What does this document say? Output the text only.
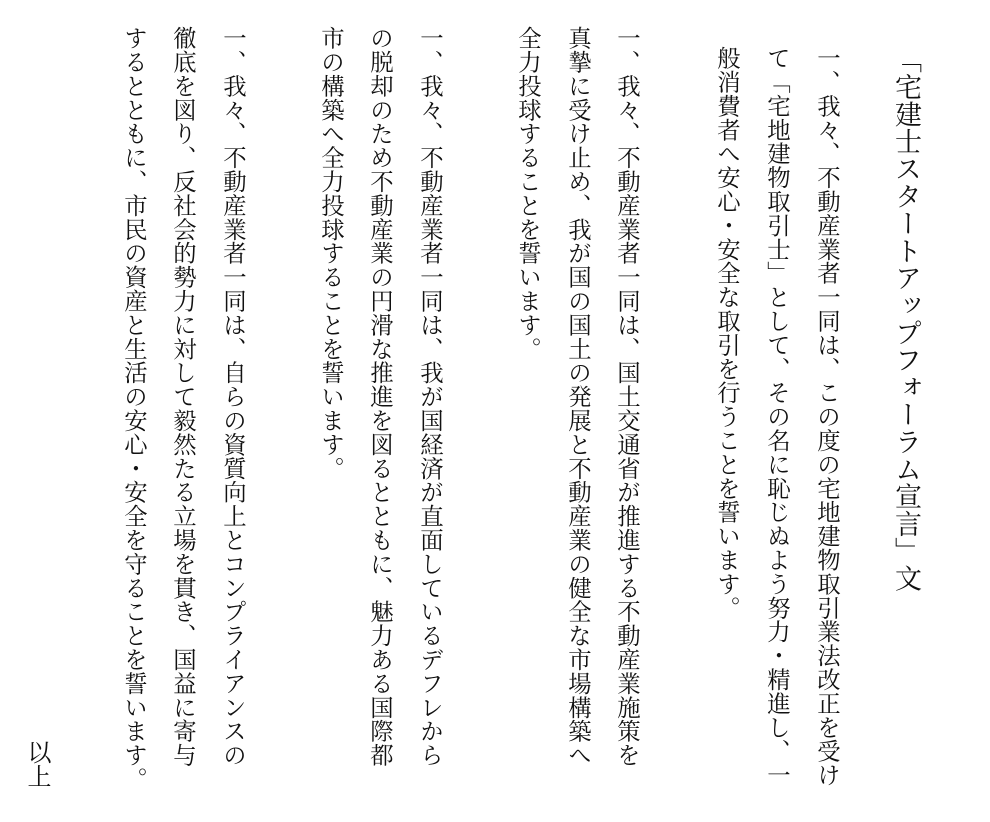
「宅建士スタートアップフォーラム宣言」文
一、我々、不動産業者一同は、この度の宅地建物取引業法改正を受け
て「宅地建物取引士」として、その名に恥じぬよう努力・精進し、一
般消費者へ安心・安全な取引を行うことを誓います。
一、我々、不動産業者一同は、国土交通省が推進する不動産業施策を
真摯に受け止め、我が国の国土の発展と不動産業の健全な市場構築へ
全力投球することを誓います。
一、我々、不動産業者一同は、我が国経済が直面しているデフレから
の脱却のため不動産業の円滑な推進を図るとともに、魅力ある国際都
市の構築へ全力投球することを誓います。
一、我々、不動産業者一同は、自らの資質向上とコンプライアンスの
徹底を図り、反社会的勢力に対して毅然たる立場を貫き、国益に寄与
するとともに、市民の資産と生活の安心・安全を守ることを誓います。
以上
